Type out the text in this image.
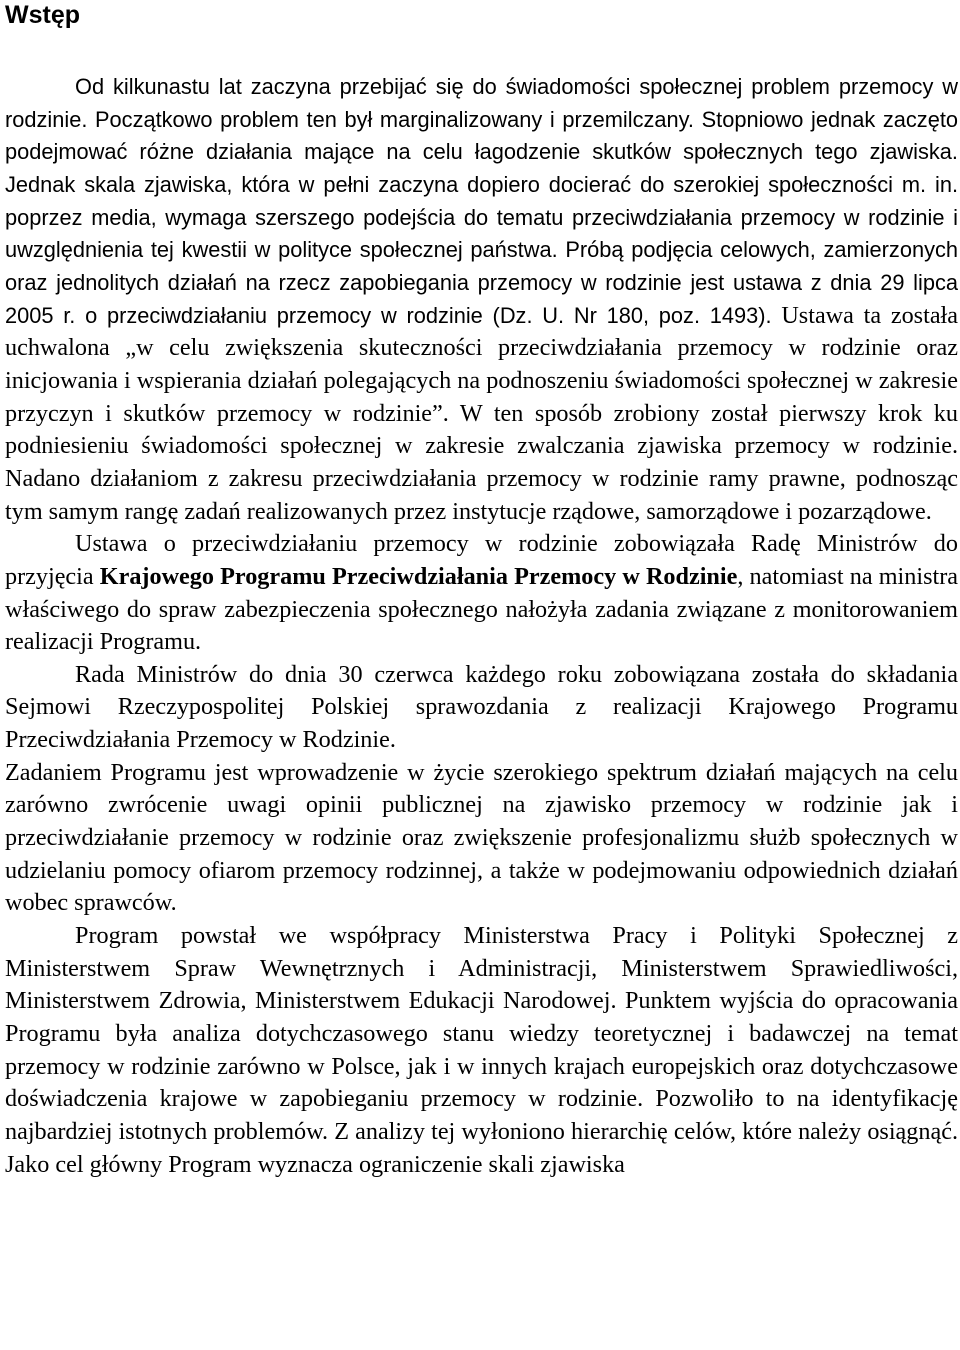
Wstęp

Od kilkunastu lat zaczyna przebijać się do świadomości społecznej problem przemocy w rodzinie. Początkowo problem ten był marginalizowany i przemilczany. Stopniowo jednak zaczęto podejmować różne działania mające na celu łagodzenie skutków społecznych tego zjawiska. Jednak skala zjawiska, która w pełni zaczyna dopiero docierać do szerokiej społeczności m. in. poprzez media, wymaga szerszego podejścia do tematu przeciwdziałania przemocy w rodzinie i uwzględnienia tej kwestii w polityce społecznej państwa. Próbą podjęcia celowych, zamierzonych oraz jednolitych działań na rzecz zapobiegania przemocy w rodzinie jest ustawa z dnia 29 lipca 2005 r. o przeciwdziałaniu przemocy w rodzinie (Dz. U. Nr 180, poz. 1493). Ustawa ta została uchwalona „w celu zwiększenia skuteczności przeciwdziałania przemocy w rodzinie oraz inicjowania i wspierania działań polegających na podnoszeniu świadomości społecznej w zakresie przyczyn i skutków przemocy w rodzinie”. W ten sposób zrobiony został pierwszy krok ku podniesieniu świadomości społecznej w zakresie zwalczania zjawiska przemocy w rodzinie. Nadano działaniom z zakresu przeciwdziałania przemocy w rodzinie ramy prawne, podnosząc tym samym rangę zadań realizowanych przez instytucje rządowe, samorządowe i pozarządowe.

Ustawa o przeciwdziałaniu przemocy w rodzinie zobowiązała Radę Ministrów do przyjęcia Krajowego Programu Przeciwdziałania Przemocy w Rodzinie, natomiast na ministra właściwego do spraw zabezpieczenia społecznego nałożyła zadania związane z monitorowaniem realizacji Programu.

Rada Ministrów do dnia 30 czerwca każdego roku zobowiązana została do składania Sejmowi Rzeczypospolitej Polskiej sprawozdania z realizacji Krajowego Programu Przeciwdziałania Przemocy w Rodzinie.

Zadaniem Programu jest wprowadzenie w życie szerokiego spektrum działań mających na celu zarówno zwrócenie uwagi opinii publicznej na zjawisko przemocy w rodzinie jak i przeciwdziałanie przemocy w rodzinie oraz zwiększenie profesjonalizmu służb społecznych w udzielaniu pomocy ofiarom przemocy rodzinnej, a także w podejmowaniu odpowiednich działań wobec sprawców.

Program powstał we współpracy Ministerstwa Pracy i Polityki Społecznej z Ministerstwem Spraw Wewnętrznych i Administracji, Ministerstwem Sprawiedliwości, Ministerstwem Zdrowia, Ministerstwem Edukacji Narodowej. Punktem wyjścia do opracowania Programu była analiza dotychczasowego stanu wiedzy teoretycznej i badawczej na temat przemocy w rodzinie zarówno w Polsce, jak i w innych krajach europejskich oraz dotychczasowe doświadczenia krajowe w zapobieganiu przemocy w rodzinie. Pozwoliło to na identyfikację najbardziej istotnych problemów. Z analizy tej wyłoniono hierarchię celów, które należy osiągnąć. Jako cel główny Program wyznacza ograniczenie skali zjawiska
